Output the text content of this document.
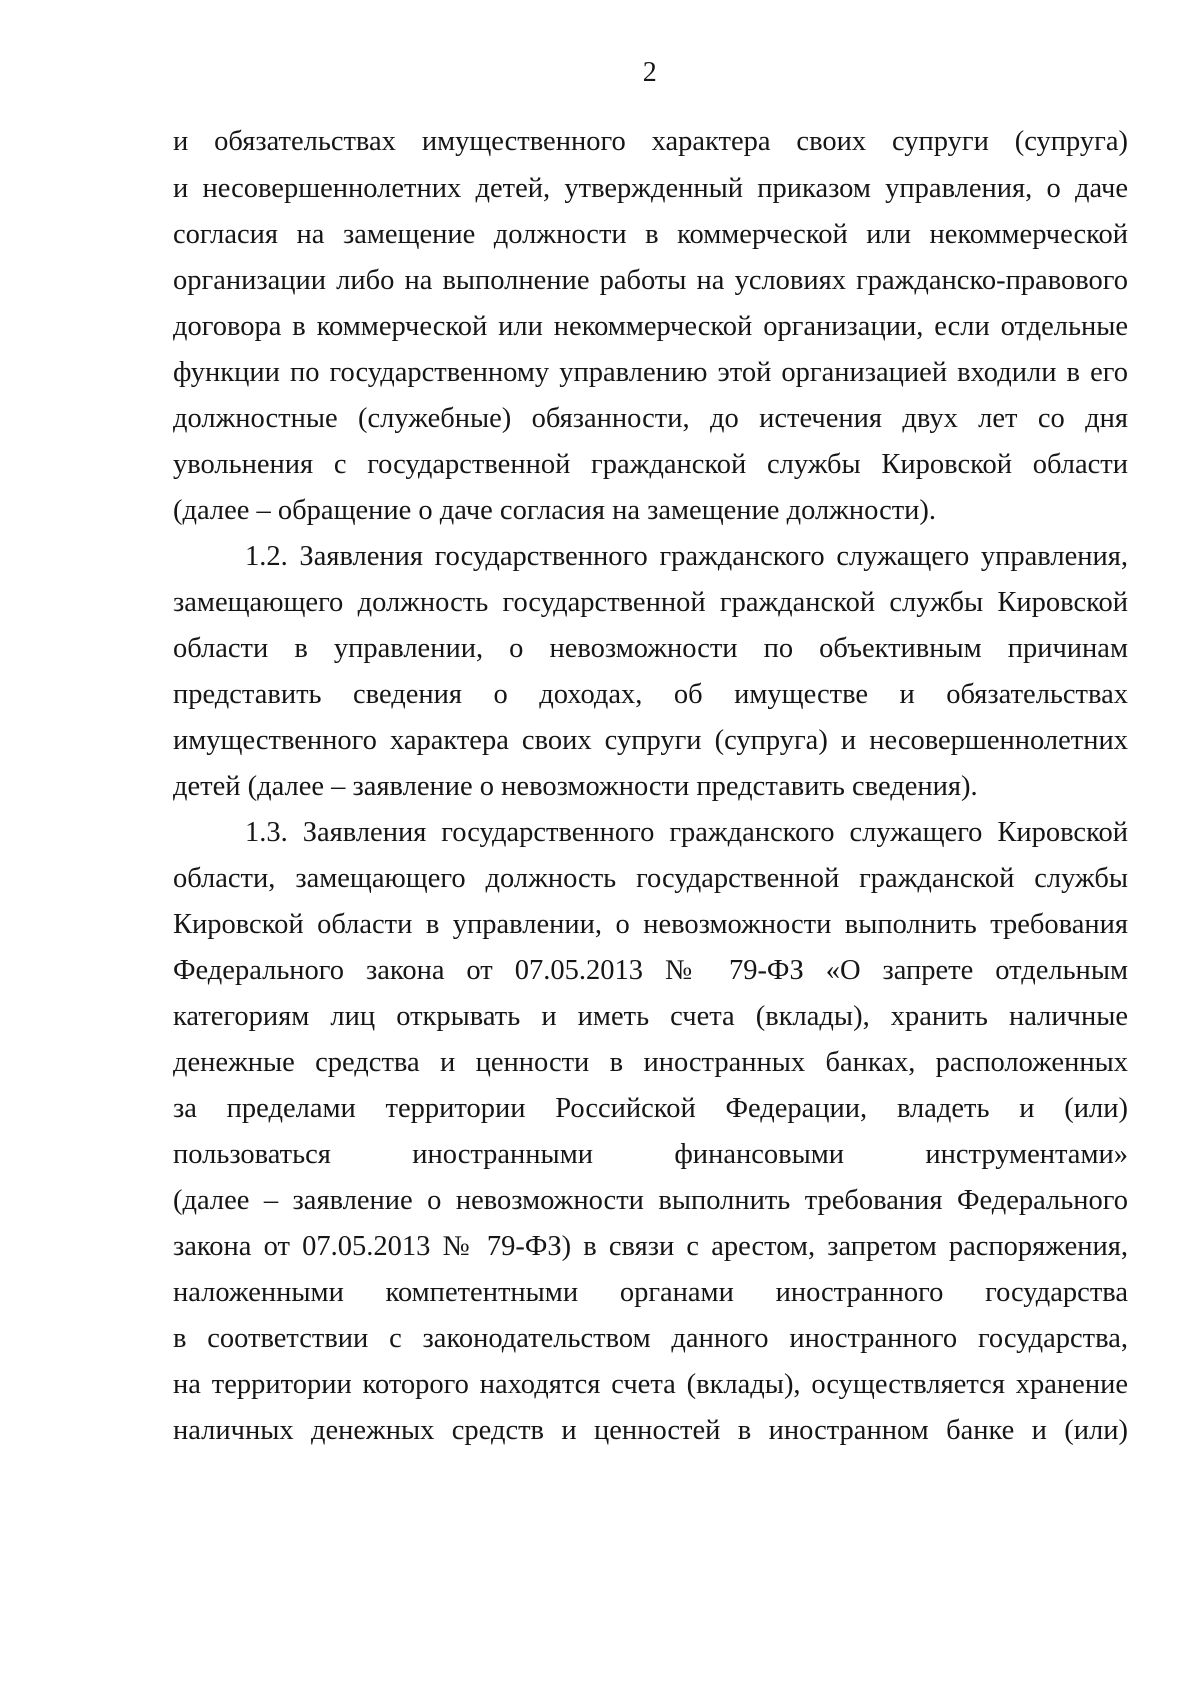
2
и обязательствах имущественного характера своих супруги (супруга)
и несовершеннолетних детей, утвержденный приказом управления, о даче
согласия на замещение должности в коммерческой или некоммерческой
организации либо на выполнение работы на условиях гражданско-правового
договора в коммерческой или некоммерческой организации, если отдельные
функции по государственному управлению этой организацией входили в его
должностные (служебные) обязанности, до истечения двух лет со дня
увольнения с государственной гражданской службы Кировской области
(далее – обращение о даче согласия на замещение должности).
1.2. Заявления государственного гражданского служащего управления,
замещающего должность государственной гражданской службы Кировской
области в управлении, о невозможности по объективным причинам
представить сведения о доходах, об имуществе и обязательствах
имущественного характера своих супруги (супруга) и несовершеннолетних
детей (далее – заявление о невозможности представить сведения).
1.3. Заявления государственного гражданского служащего Кировской
области, замещающего должность государственной гражданской службы
Кировской области в управлении, о невозможности выполнить требования
Федерального закона от 07.05.2013 № 79-ФЗ «О запрете отдельным
категориям лиц открывать и иметь счета (вклады), хранить наличные
денежные средства и ценности в иностранных банках, расположенных
за пределами территории Российской Федерации, владеть и (или)
пользоваться иностранными финансовыми инструментами»
(далее – заявление о невозможности выполнить требования Федерального
закона от 07.05.2013 № 79-ФЗ) в связи с арестом, запретом распоряжения,
наложенными компетентными органами иностранного государства
в соответствии с законодательством данного иностранного государства,
на территории которого находятся счета (вклады), осуществляется хранение
наличных денежных средств и ценностей в иностранном банке и (или)
